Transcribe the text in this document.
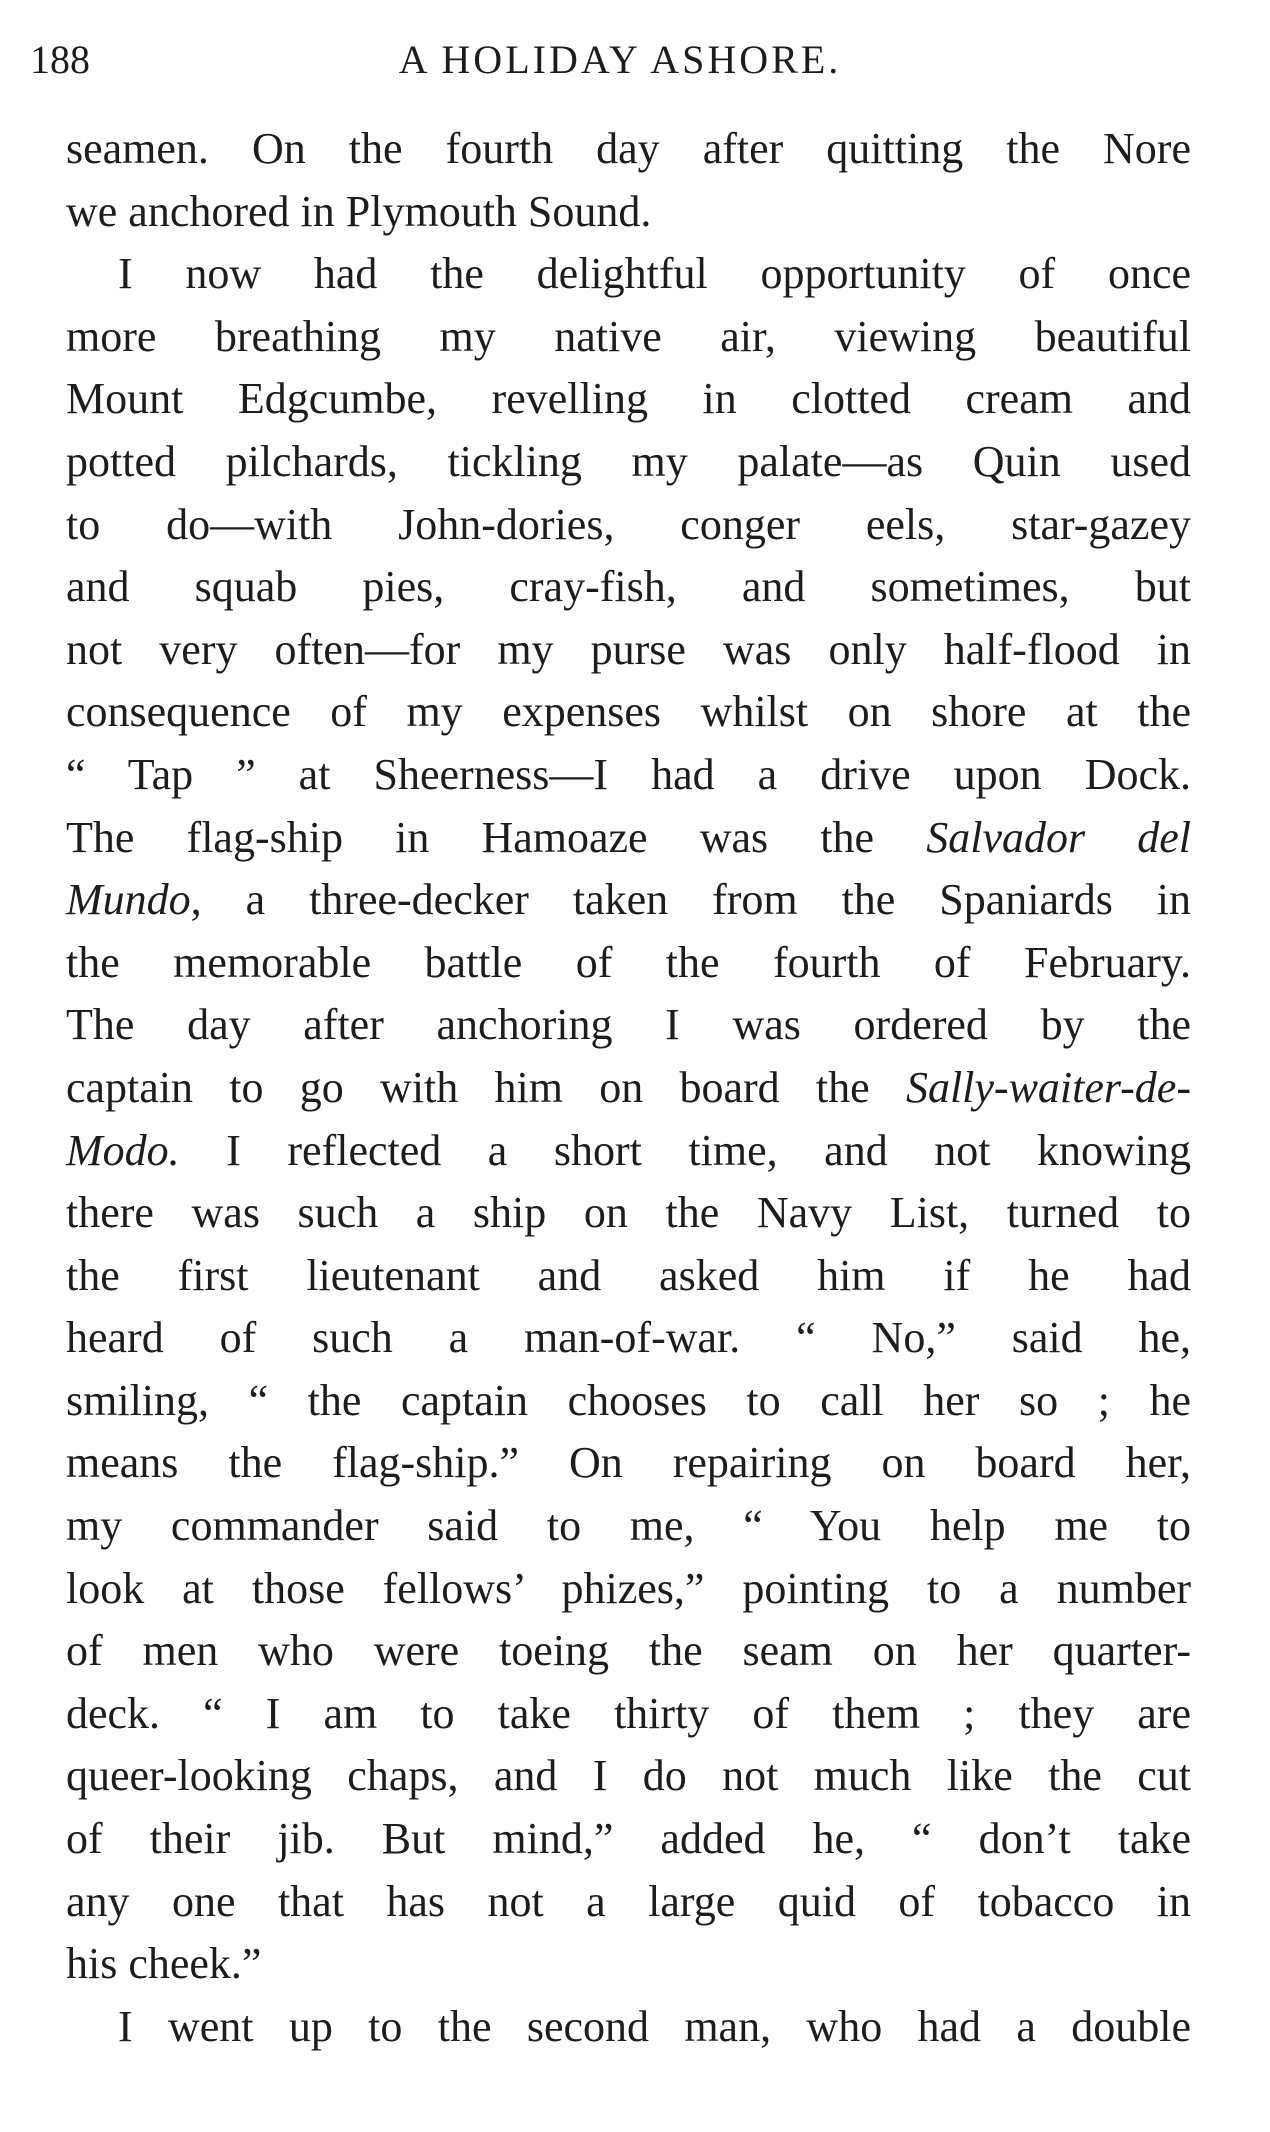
188	A HOLIDAY ASHORE.
seamen. On the fourth day after quitting the Nore
we anchored in Plymouth Sound.
I now had the delightful opportunity of once
more breathing my native air, viewing beautiful
Mount Edgcumbe, revelling in clotted cream and
potted pilchards, tickling my palate—as Quin used
to do—with John-dories, conger eels, star-gazey
and squab pies, cray-fish, and sometimes, but
not very often—for my purse was only half-flood in
consequence of my expenses whilst on shore at the
“ Tap ” at Sheerness—I had a drive upon Dock.
The flag-ship in Hamoaze was the Salvador del
Mundo, a three-decker taken from the Spaniards in
the memorable battle of the fourth of February.
The day after anchoring I was ordered by the
captain to go with him on board the Sally-waiter-de-
Modo. I reflected a short time, and not knowing
there was such a ship on the Navy List, turned to
the first lieutenant and asked him if he had
heard of such a man-of-war. “ No,” said he,
smiling, “ the captain chooses to call her so ; he
means the flag-ship.” On repairing on board her,
my commander said to me, “ You help me to
look at those fellows’ phizes,” pointing to a number
of men who were toeing the seam on her quarter-
deck. “ I am to take thirty of them ; they are
queer-looking chaps, and I do not much like the cut
of their jib. But mind,” added he, “ don’t take
any one that has not a large quid of tobacco in
his cheek.”
I went up to the second man, who had a double
